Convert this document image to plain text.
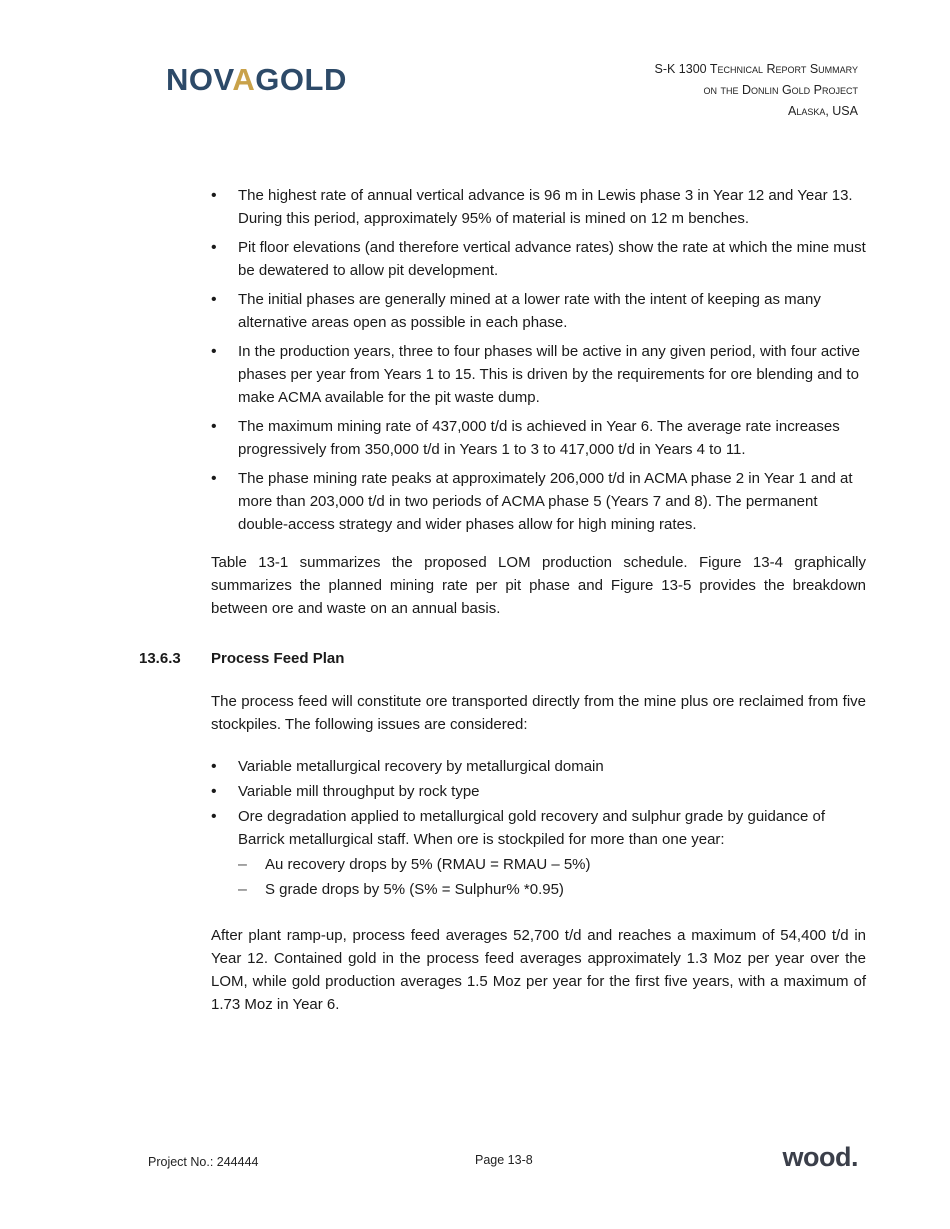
NOVAGOLD	S-K 1300 Technical Report Summary
on the Donlin Gold Project
Alaska, USA
• The highest rate of annual vertical advance is 96 m in Lewis phase 3 in Year 12 and Year 13. During this period, approximately 95% of material is mined on 12 m benches.
• Pit floor elevations (and therefore vertical advance rates) show the rate at which the mine must be dewatered to allow pit development.
• The initial phases are generally mined at a lower rate with the intent of keeping as many alternative areas open as possible in each phase.
• In the production years, three to four phases will be active in any given period, with four active phases per year from Years 1 to 15. This is driven by the requirements for ore blending and to make ACMA available for the pit waste dump.
• The maximum mining rate of 437,000 t/d is achieved in Year 6. The average rate increases progressively from 350,000 t/d in Years 1 to 3 to 417,000 t/d in Years 4 to 11.
• The phase mining rate peaks at approximately 206,000 t/d in ACMA phase 2 in Year 1 and at more than 203,000 t/d in two periods of ACMA phase 5 (Years 7 and 8). The permanent double-access strategy and wider phases allow for high mining rates.

Table 13-1 summarizes the proposed LOM production schedule. Figure 13-4 graphically summarizes the planned mining rate per pit phase and Figure 13-5 provides the breakdown between ore and waste on an annual basis.

13.6.3 Process Feed Plan

The process feed will constitute ore transported directly from the mine plus ore reclaimed from five stockpiles. The following issues are considered:

• Variable metallurgical recovery by metallurgical domain
• Variable mill throughput by rock type
• Ore degradation applied to metallurgical gold recovery and sulphur grade by guidance of Barrick metallurgical staff. When ore is stockpiled for more than one year:
– Au recovery drops by 5% (RMAU = RMAU – 5%)
– S grade drops by 5% (S% = Sulphur% *0.95)

After plant ramp-up, process feed averages 52,700 t/d and reaches a maximum of 54,400 t/d in Year 12. Contained gold in the process feed averages approximately 1.3 Moz per year over the LOM, while gold production averages 1.5 Moz per year for the first five years, with a maximum of 1.73 Moz in Year 6.

Project No.: 244444	Page 13-8	wood.
